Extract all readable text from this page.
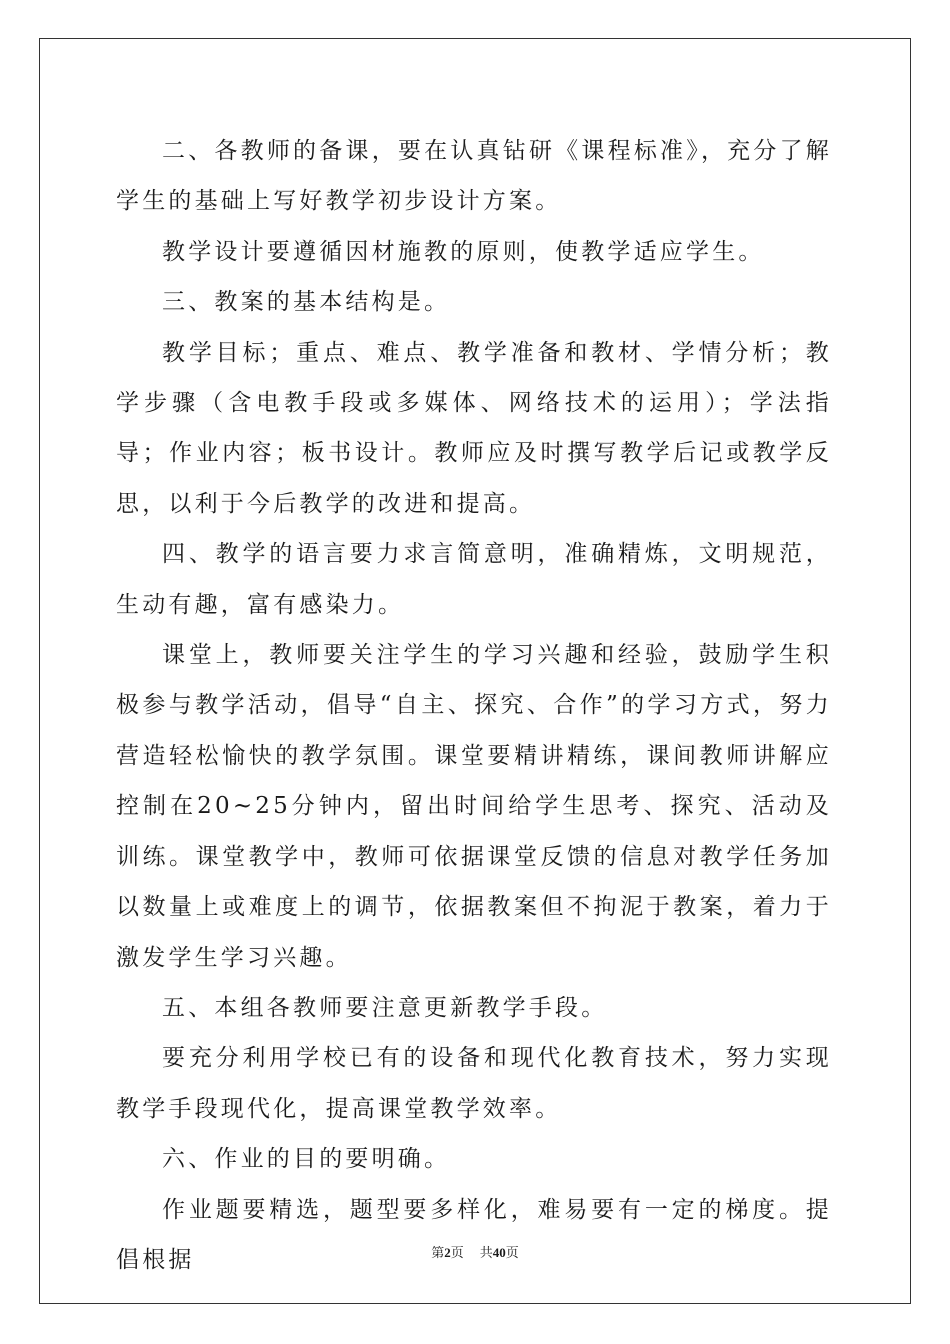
二、各教师的备课，要在认真钻研《课程标准》，充分了解学生的基础上写好教学初步设计方案。

教学设计要遵循因材施教的原则，使教学适应学生。

三、教案的基本结构是。

教学目标；重点、难点、教学准备和教材、学情分析；教学步骤（含电教手段或多媒体、网络技术的运用）；学法指导；作业内容；板书设计。教师应及时撰写教学后记或教学反思，以利于今后教学的改进和提高。

四、教学的语言要力求言简意明，准确精炼，文明规范，生动有趣，富有感染力。

课堂上，教师要关注学生的学习兴趣和经验，鼓励学生积极参与教学活动，倡导“自主、探究、合作”的学习方式，努力营造轻松愉快的教学氛围。课堂要精讲精练，课间教师讲解应控制在20~25分钟内，留出时间给学生思考、探究、活动及训练。课堂教学中，教师可依据课堂反馈的信息对教学任务加以数量上或难度上的调节，依据教案但不拘泥于教案，着力于激发学生学习兴趣。

五、本组各教师要注意更新教学手段。

要充分利用学校已有的设备和现代化教育技术，努力实现教学手段现代化，提高课堂教学效率。

六、作业的目的要明确。

作业题要精选，题型要多样化，难易要有一定的梯度。提倡根据	第2页 共40页
